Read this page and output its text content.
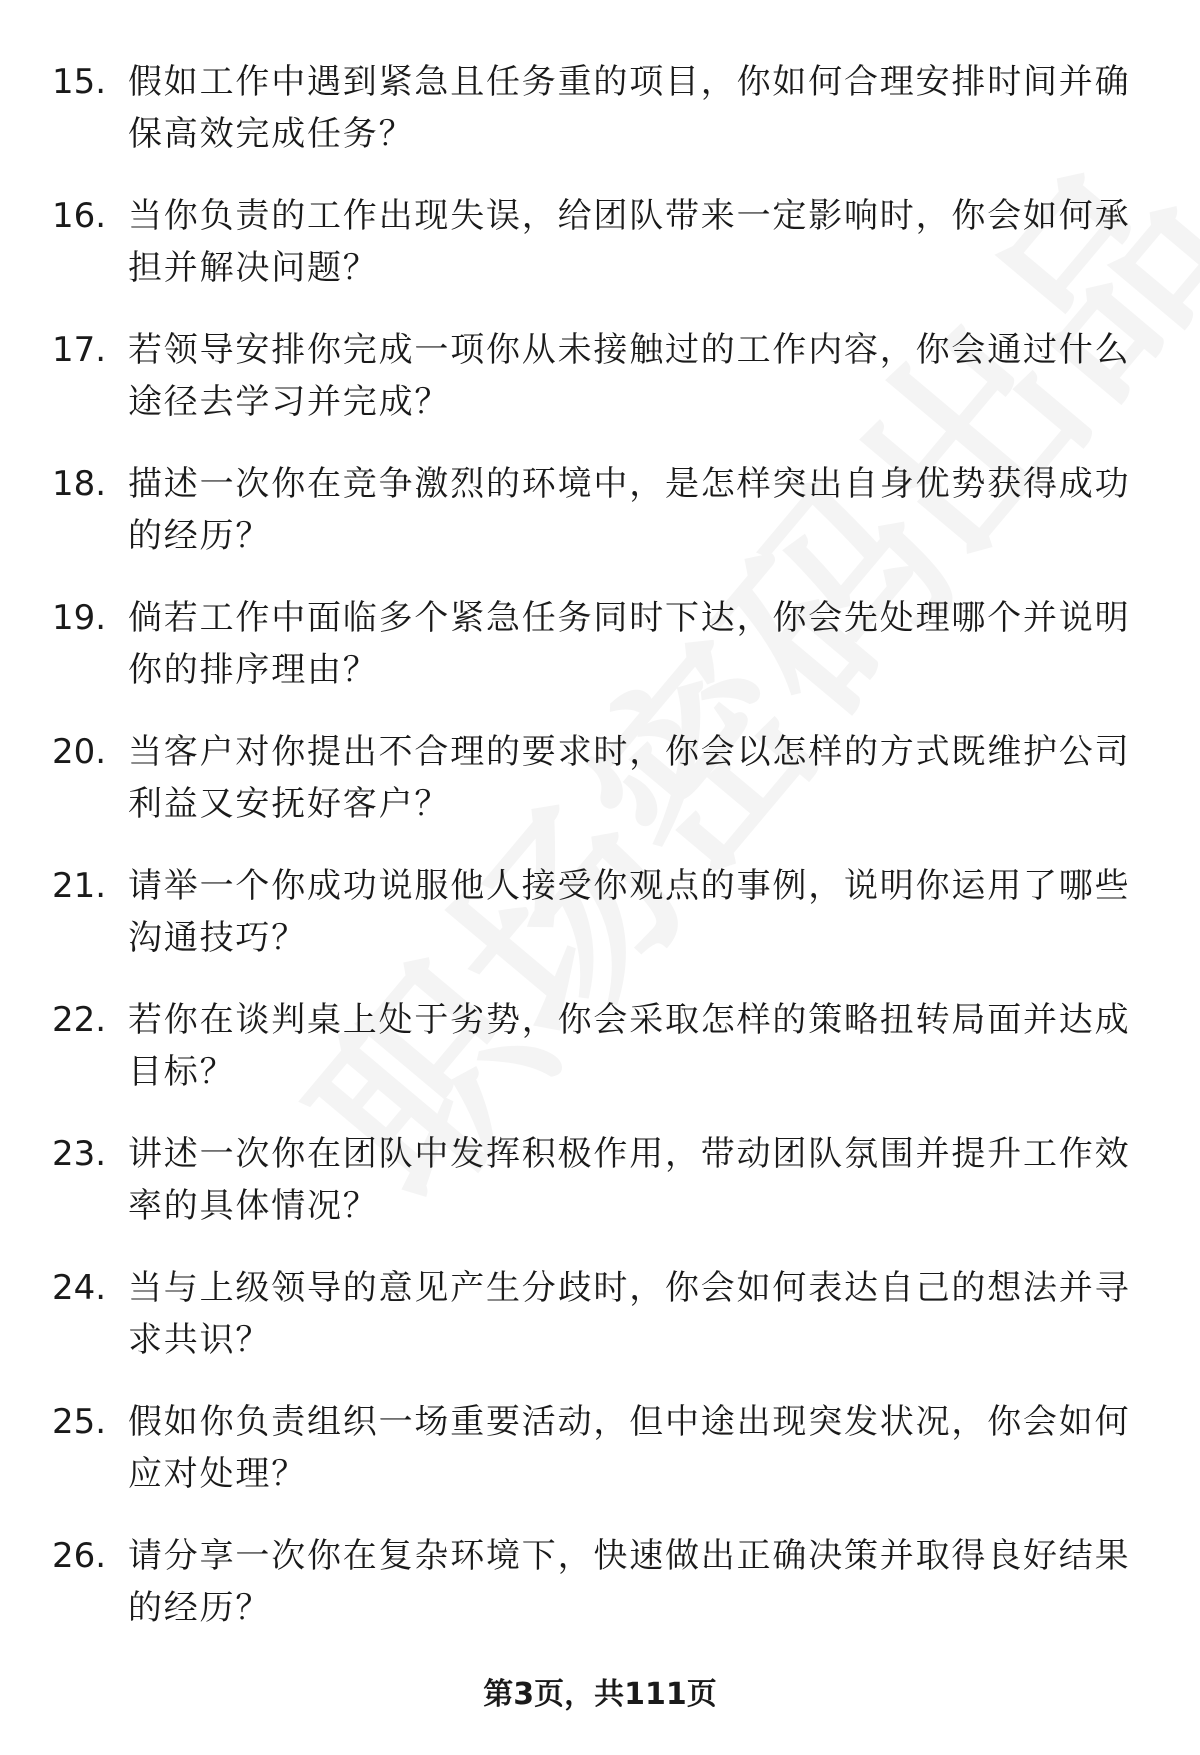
15. 假如工作中遇到紧急且任务重的项目，你如何合理安排时间并确保高效完成任务？
16. 当你负责的工作出现失误，给团队带来一定影响时，你会如何承担并解决问题？
17. 若领导安排你完成一项你从未接触过的工作内容，你会通过什么途径去学习并完成？
18. 描述一次你在竞争激烈的环境中，是怎样突出自身优势获得成功的经历？
19. 倘若工作中面临多个紧急任务同时下达，你会先处理哪个并说明你的排序理由？
20. 当客户对你提出不合理的要求时，你会以怎样的方式既维护公司利益又安抚好客户？
21. 请举一个你成功说服他人接受你观点的事例，说明你运用了哪些沟通技巧？
22. 若你在谈判桌上处于劣势，你会采取怎样的策略扭转局面并达成目标？
23. 讲述一次你在团队中发挥积极作用，带动团队氛围并提升工作效率的具体情况？
24. 当与上级领导的意见产生分歧时，你会如何表达自己的想法并寻求共识？
25. 假如你负责组织一场重要活动，但中途出现突发状况，你会如何应对处理？
26. 请分享一次你在复杂环境下，快速做出正确决策并取得良好结果的经历？
第3页，共111页
